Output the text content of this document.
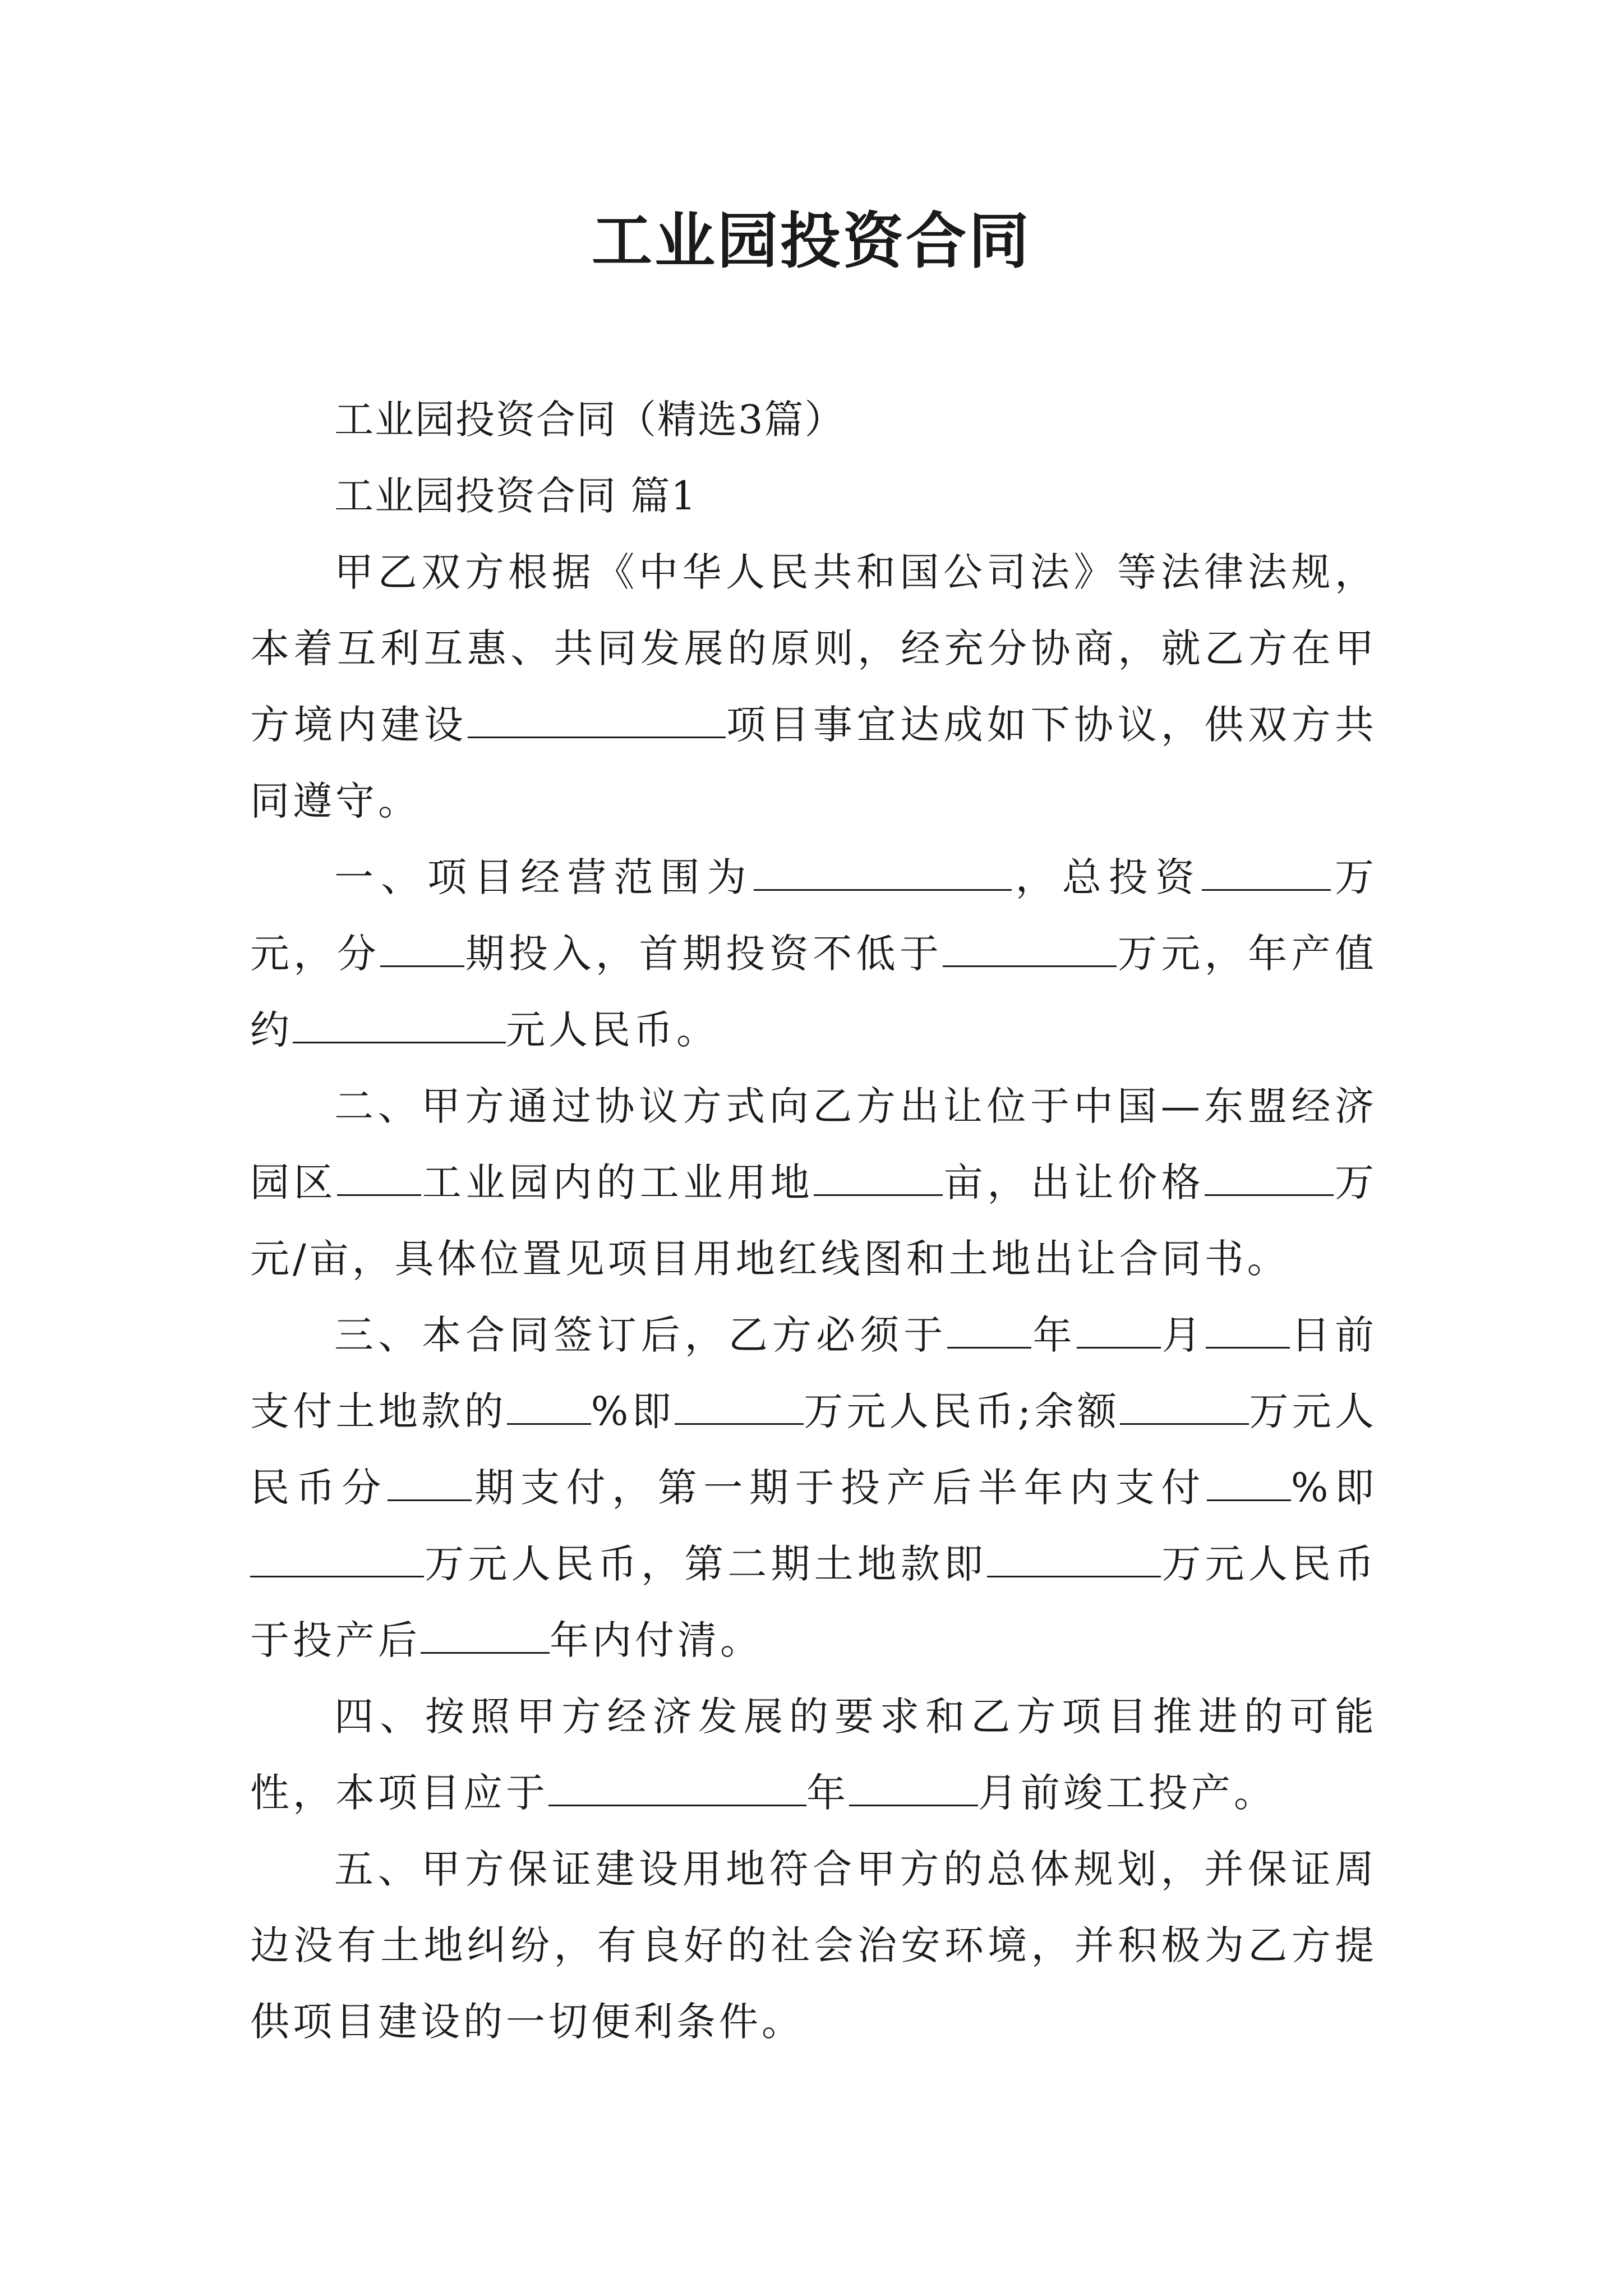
工业园投资合同

工业园投资合同（精选3篇）

工业园投资合同 篇1

甲乙双方根据《中华人民共和国公司法》等法律法规，本着互利互惠、共同发展的原则，经充分协商，就乙方在甲方境内建设	项目事宜达成如下协议，供双方共同遵守。

一、项目经营范围为	，总投资	万元，分 期投入，首期投资不低于	万元，年产值约	元人民币。

二、甲方通过协议方式向乙方出让位于中国—东盟经济园区 工业园内的工业用地	亩，出让价格	万元/亩，具体位置见项目用地红线图和土地出让合同书。

三、本合同签订后，乙方必须于 年 月 日前支付土地款的 %即	万元人民币;余额	万元人民币分 期支付，第一期于投产后半年内支付 %即万元人民币，第二期土地款即	万元人民币于投产后	年内付清。

四、按照甲方经济发展的要求和乙方项目推进的可能性，本项目应于	年	月前竣工投产。

五、甲方保证建设用地符合甲方的总体规划，并保证周边没有土地纠纷，有良好的社会治安环境，并积极为乙方提供项目建设的一切便利条件。
